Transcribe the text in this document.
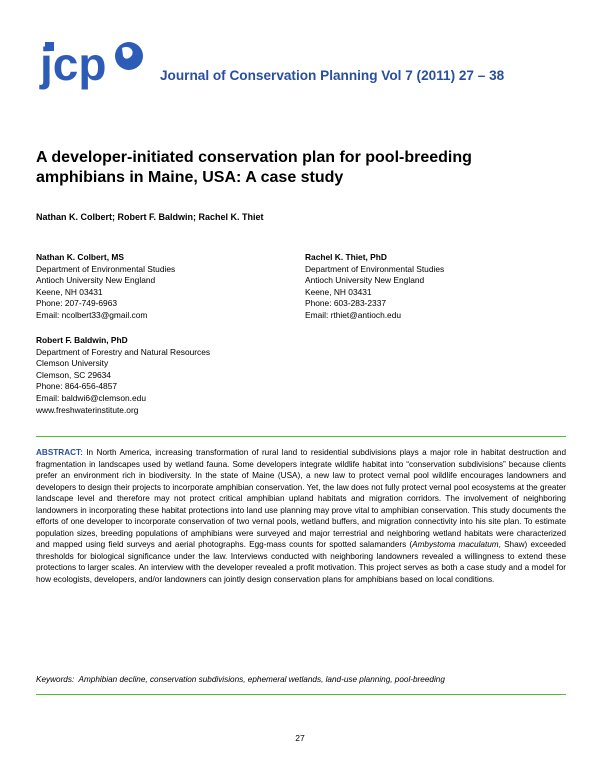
jcp	Journal of Conservation Planning Vol 7 (2011) 27 – 38
A developer-initiated conservation plan for pool-breeding
amphibians in Maine, USA: A case study
Nathan K. Colbert; Robert F. Baldwin; Rachel K. Thiet
Nathan K. Colbert, MS
Department of Environmental Studies
Antioch University New England
Keene, NH 03431
Phone: 207-749-6963
Email: ncolbert33@gmail.com
Rachel K. Thiet, PhD
Department of Environmental Studies
Antioch University New England
Keene, NH 03431
Phone: 603-283-2337
Email: rthiet@antioch.edu
Robert F. Baldwin, PhD
Department of Forestry and Natural Resources
Clemson University
Clemson, SC 29634
Phone: 864-656-4857
Email: baldwi6@clemson.edu
www.freshwaterinstitute.org
ABSTRACT: In North America, increasing transformation of rural land to residential subdivisions plays a major role in habitat destruction and fragmentation in landscapes used by wetland fauna. Some developers integrate wildlife habitat into “conservation subdivisions” because clients prefer an environment rich in biodiversity. In the state of Maine (USA), a new law to protect vernal pool wildlife encourages landowners and developers to design their projects to incorporate amphibian conservation. Yet, the law does not fully protect vernal pool ecosystems at the greater landscape level and therefore may not protect critical amphibian upland habitats and migration corridors. The involvement of neighboring landowners in incorporating these habitat protections into land use planning may prove vital to amphibian conservation. This study documents the efforts of one developer to incorporate conservation of two vernal pools, wetland buffers, and migration connectivity into his site plan. To estimate population sizes, breeding populations of amphibians were surveyed and major terrestrial and neighboring wetland habitats were characterized and mapped using field surveys and aerial photographs. Egg-mass counts for spotted salamanders (Ambystoma maculatum, Shaw) exceeded thresholds for biological significance under the law. Interviews conducted with neighboring landowners revealed a willingness to extend these protections to larger scales. An interview with the developer revealed a profit motivation. This project serves as both a case study and a model for how ecologists, developers, and/or landowners can jointly design conservation plans for amphibians based on local conditions.
Keywords: Amphibian decline, conservation subdivisions, ephemeral wetlands, land-use planning, pool-breeding
27
